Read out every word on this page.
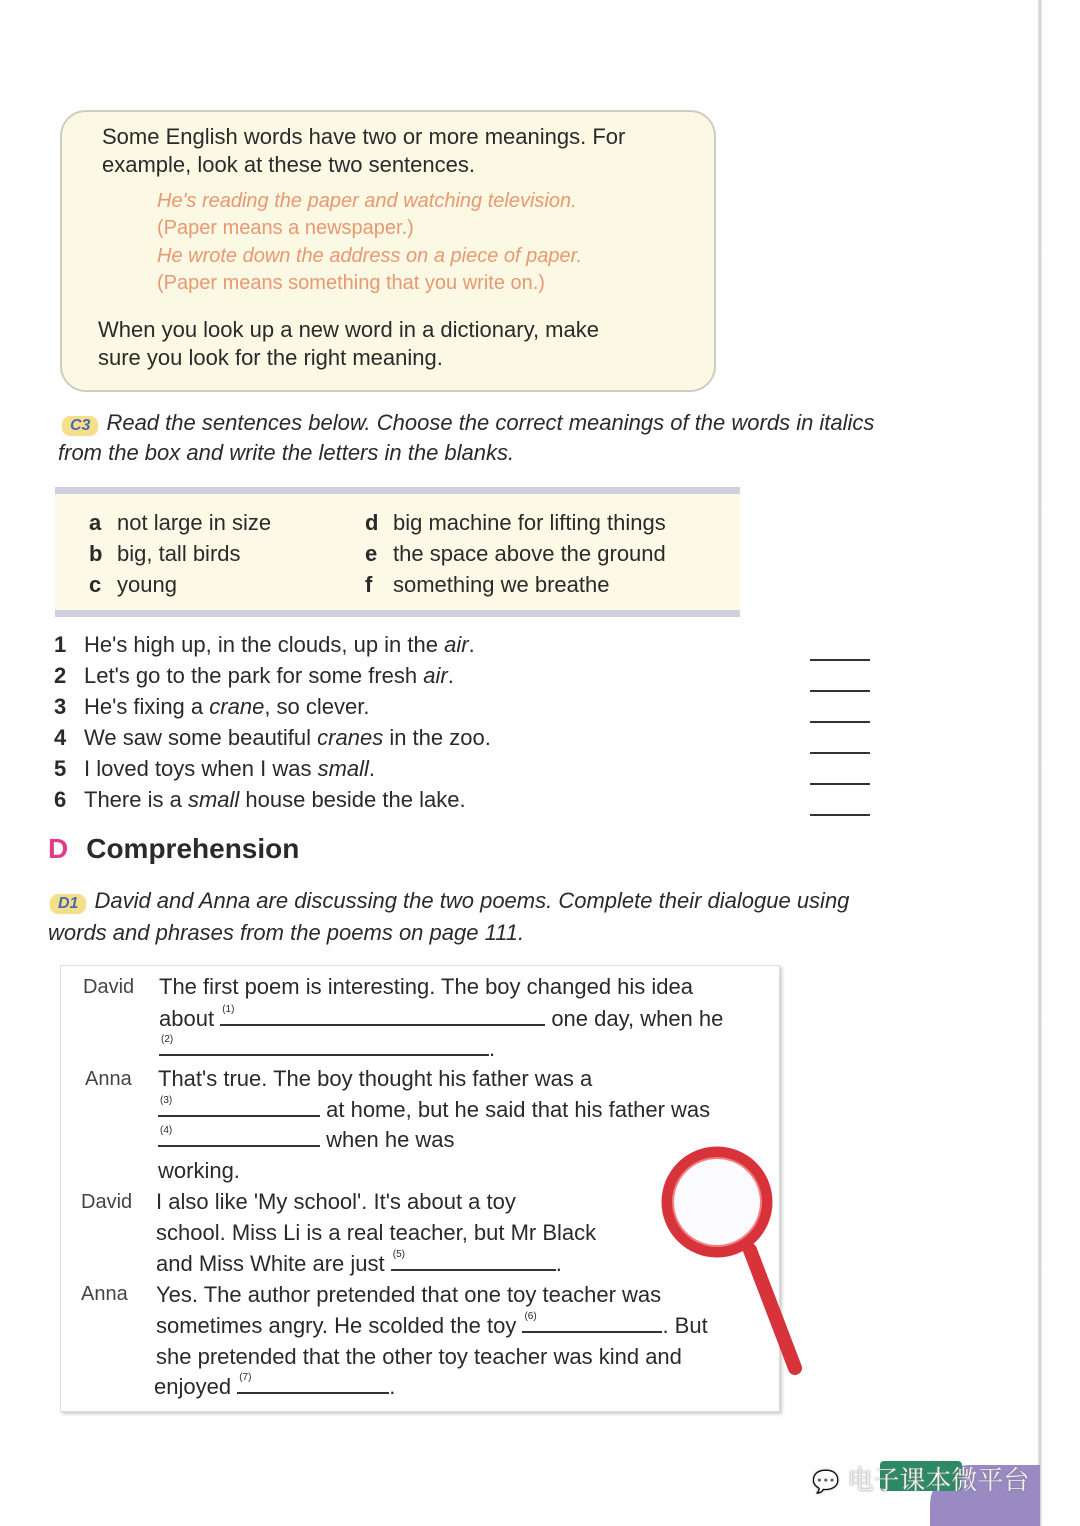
Some English words have two or more meanings. For
example, look at these two sentences.
He's reading the paper and watching television.
(Paper means a newspaper.)
He wrote down the address on a piece of paper.
(Paper means something that you write on.)
When you look up a new word in a dictionary, make
sure you look for the right meaning.
C3 Read the sentences below. Choose the correct meanings of the words in italics
from the box and write the letters in the blanks.
a not large in size
b big, tall birds
c young
d big machine for lifting things
e the space above the ground
f something we breathe
1 He's high up, in the clouds, up in the air.
2 Let's go to the park for some fresh air.
3 He's fixing a crane, so clever.
4 We saw some beautiful cranes in the zoo.
5 I loved toys when I was small.
6 There is a small house beside the lake.
D Comprehension
D1 David and Anna are discussing the two poems. Complete their dialogue using
words and phrases from the poems on page 111.
David The first poem is interesting. The boy changed his idea
about (1)	one day, when he
(2)	.
Anna That's true. The boy thought his father was a
(3)	at home, but he said that his father was
(4)	when he was
working.
David I also like 'My school'. It's about a toy
school. Miss Li is a real teacher, but Mr Black
and Miss White are just (5)	.
Anna Yes. The author pretended that one toy teacher was
sometimes angry. He scolded the toy (6)	. But
she pretended that the other toy teacher was kind and
enjoyed (7)	.
💬 电子课本微平台
